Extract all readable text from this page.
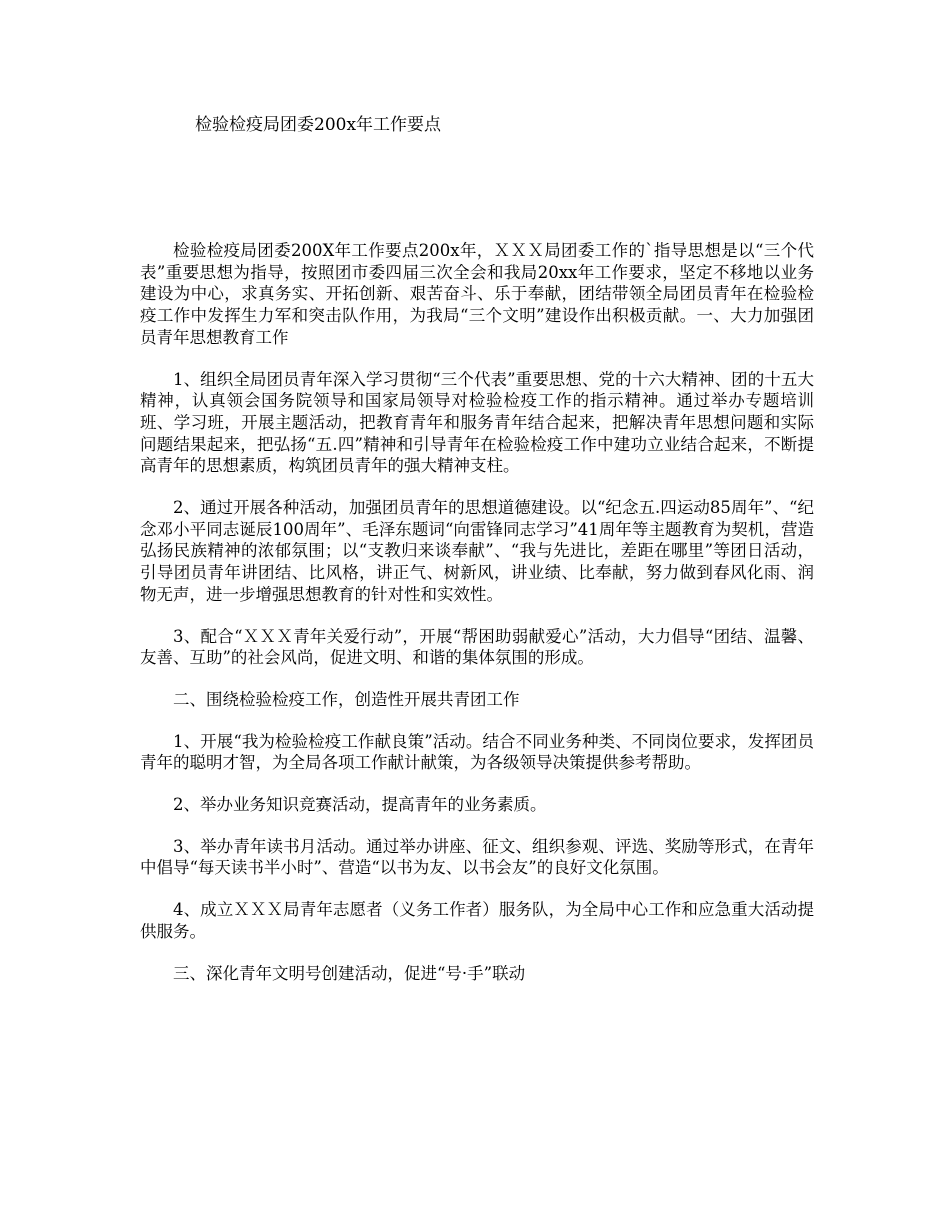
检验检疫局团委200x年工作要点

检验检疫局团委200X年工作要点200x年，ＸＸＸ局团委工作的`指导思想是以“三个代表”重要思想为指导，按照团市委四届三次全会和我局20xx年工作要求，坚定不移地以业务建设为中心，求真务实、开拓创新、艰苦奋斗、乐于奉献，团结带领全局团员青年在检验检疫工作中发挥生力军和突击队作用，为我局“三个文明”建设作出积极贡献。一、大力加强团员青年思想教育工作

1、组织全局团员青年深入学习贯彻“三个代表”重要思想、党的十六大精神、团的十五大精神，认真领会国务院领导和国家局领导对检验检疫工作的指示精神。通过举办专题培训班、学习班，开展主题活动，把教育青年和服务青年结合起来，把解决青年思想问题和实际问题结果起来，把弘扬“五.四”精神和引导青年在检验检疫工作中建功立业结合起来，不断提高青年的思想素质，构筑团员青年的强大精神支柱。

2、通过开展各种活动，加强团员青年的思想道德建设。以“纪念五.四运动85周年”、“纪念邓小平同志诞辰100周年”、毛泽东题词“向雷锋同志学习”41周年等主题教育为契机，营造弘扬民族精神的浓郁氛围；以“支教归来谈奉献”、“我与先进比，差距在哪里”等团日活动，引导团员青年讲团结、比风格，讲正气、树新风，讲业绩、比奉献，努力做到春风化雨、润物无声，进一步增强思想教育的针对性和实效性。

3、配合“ＸＸＸ青年关爱行动”，开展“帮困助弱献爱心”活动，大力倡导“团结、温馨、友善、互助”的社会风尚，促进文明、和谐的集体氛围的形成。

二、围绕检验检疫工作，创造性开展共青团工作

1、开展“我为检验检疫工作献良策”活动。结合不同业务种类、不同岗位要求，发挥团员青年的聪明才智，为全局各项工作献计献策，为各级领导决策提供参考帮助。

2、举办业务知识竞赛活动，提高青年的业务素质。

3、举办青年读书月活动。通过举办讲座、征文、组织参观、评选、奖励等形式，在青年中倡导“每天读书半小时”、营造“以书为友、以书会友”的良好文化氛围。

4、成立ＸＸＸ局青年志愿者（义务工作者）服务队，为全局中心工作和应急重大活动提供服务。

三、深化青年文明号创建活动，促进“号·手”联动
